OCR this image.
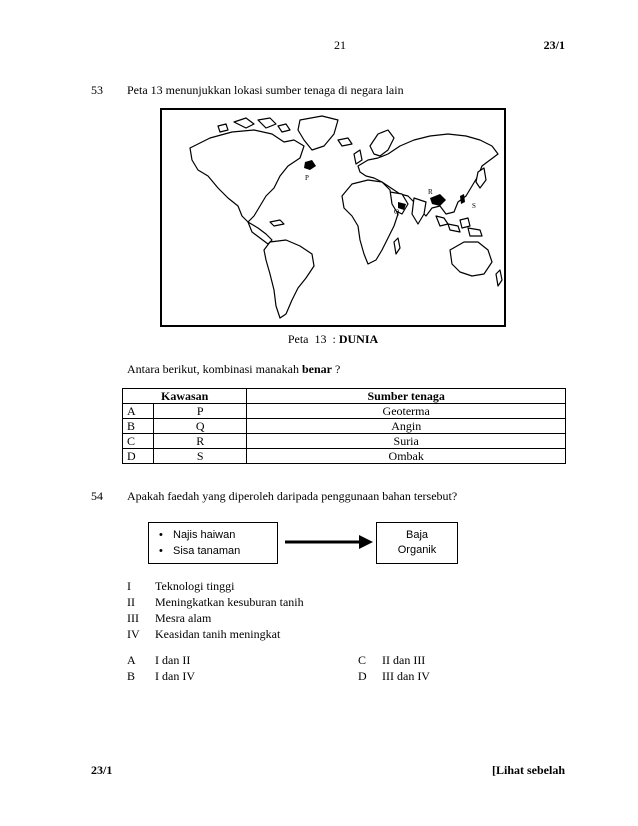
21	23/1
53 Peta 13 menunjukkan lokasi sumber tenaga di negara lain
P
Q
R
S
Peta  13  : DUNIA
Antara berikut, kombinasi manakah benar ?
Kawasan		Sumber tenaga
A	P	Geoterma
B	Q	Angin
C	R	Suria
D	S	Ombak
54 Apakah faedah yang diperoleh daripada penggunaan bahan tersebut?
• Najis haiwan
• Sisa tanaman
Baja
Organik
I Teknologi tinggi
II Meningkatkan kesuburan tanih
III Mesra alam
IV Keasidan tanih meningkat
A I dan II
B I dan IV
C II dan III
D III dan IV
23/1	[Lihat sebelah
